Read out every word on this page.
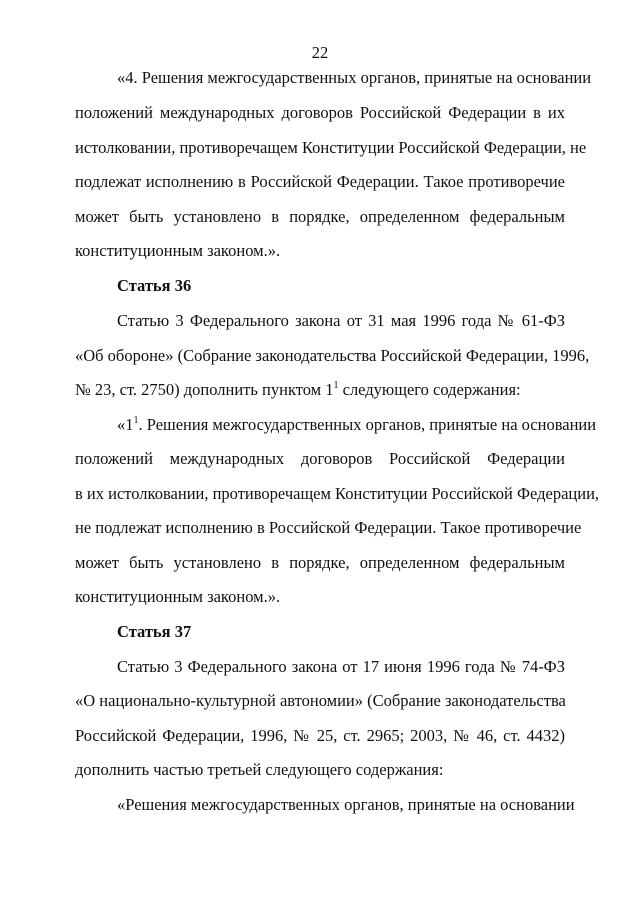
22
«4. Решения межгосударственных органов, принятые на основании
положений международных договоров Российской Федерации в их
истолковании, противоречащем Конституции Российской Федерации, не
подлежат исполнению в Российской Федерации. Такое противоречие
может быть установлено в порядке, определенном федеральным
конституционным законом.».
Статья 36
Статью 3 Федерального закона от 31 мая 1996 года № 61-ФЗ
«Об обороне» (Собрание законодательства Российской Федерации, 1996,
№ 23, ст. 2750) дополнить пунктом $1^1$ следующего содержания:
«$1^1$. Решения межгосударственных органов, принятые на основании
положений международных договоров Российской Федерации
в их истолковании, противоречащем Конституции Российской Федерации,
не подлежат исполнению в Российской Федерации. Такое противоречие
может быть установлено в порядке, определенном федеральным
конституционным законом.».
Статья 37
Статью 3 Федерального закона от 17 июня 1996 года № 74-ФЗ
«О национально-культурной автономии» (Собрание законодательства
Российской Федерации, 1996, № 25, ст. 2965; 2003, № 46, ст. 4432)
дополнить частью третьей следующего содержания:
«Решения межгосударственных органов, принятые на основании
